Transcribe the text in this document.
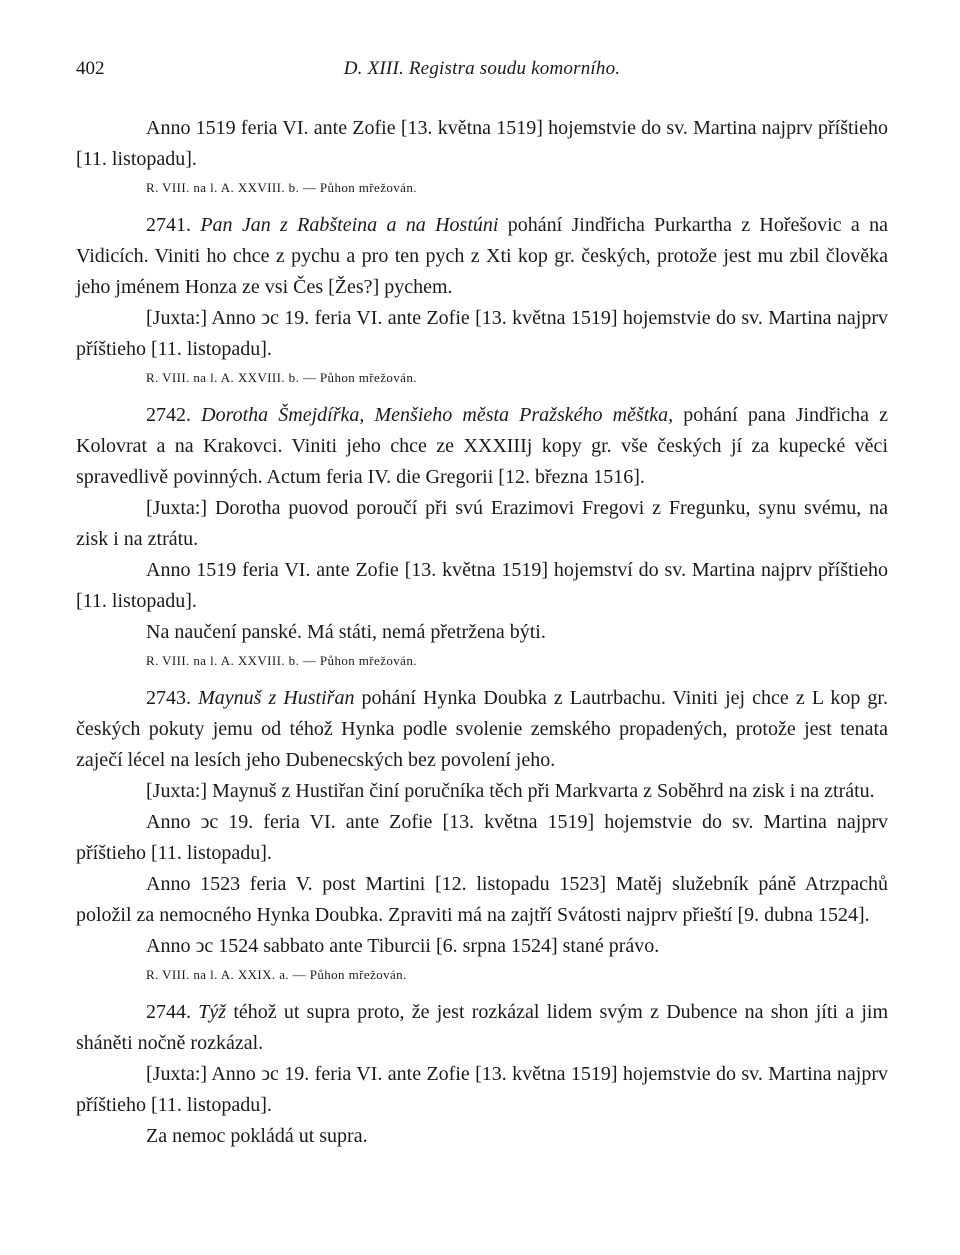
402	D. XIII. Registra soudu komorního.

Anno 1519 feria VI. ante Zofie [13. května 1519] hojemstvie do sv. Martina najprv příštieho [11. listopadu].

R. VIII. na l. A. XXVIII. b. — Půhon mřežován.

2741. Pan Jan z Rabšteina a na Hostúni pohání Jindřicha Purkartha z Hořešovic a na Vidicích. Viniti ho chce z pychu a pro ten pych z Xti kop gr. českých, protože jest mu zbil člověka jeho jménem Honza ze vsi Čes [Žes?] pychem.

[Juxta:] Anno ↄc 19. feria VI. ante Zofie [13. května 1519] hojemstvie do sv. Martina najprv příštieho [11. listopadu].

R. VIII. na l. A. XXVIII. b. — Půhon mřežován.

2742. Dorotha Šmejdířka, Menšieho města Pražského měštka, pohání pana Jindřicha z Kolovrat a na Krakovci. Viniti jeho chce ze XXXIIIj kopy gr. vše českých jí za kupecké věci spravedlivě povinných. Actum feria IV. die Gregorii [12. března 1516].

[Juxta:] Dorotha puovod poroučí při svú Erazimovi Fregovi z Fregunku, synu svému, na zisk i na ztrátu.

Anno 1519 feria VI. ante Zofie [13. května 1519] hojemství do sv. Martina najprv příštieho [11. listopadu].

Na naučení panské. Má státi, nemá přetržena býti.

R. VIII. na l. A. XXVIII. b. — Půhon mřežován.

2743. Maynuš z Hustiřan pohání Hynka Doubka z Lautrbachu. Viniti jej chce z L kop gr. českých pokuty jemu od téhož Hynka podle svolenie zemského propadených, protože jest tenata zaječí lécel na lesích jeho Dubenecských bez povolení jeho.

[Juxta:] Maynuš z Hustiřan činí poručníka těch při Markvarta z Soběhrd na zisk i na ztrátu.

Anno ↄc 19. feria VI. ante Zofie [13. května 1519] hojemstvie do sv. Martina najprv příštieho [11. listopadu].

Anno 1523 feria V. post Martini [12. listopadu 1523] Matěj služebník páně Atrzpachů položil za nemocného Hynka Doubka. Zpraviti má na zajtří Svátosti najprv přieští [9. dubna 1524].

Anno ↄc 1524 sabbato ante Tiburcii [6. srpna 1524] stané právo.

R. VIII. na l. A. XXIX. a. — Půhon mřežován.

2744. Týž téhož ut supra proto, že jest rozkázal lidem svým z Dubence na shon jíti a jim sháněti nočně rozkázal.

[Juxta:] Anno ↄc 19. feria VI. ante Zofie [13. května 1519] hojemstvie do sv. Martina najprv příštieho [11. listopadu].

Za nemoc pokládá ut supra.
